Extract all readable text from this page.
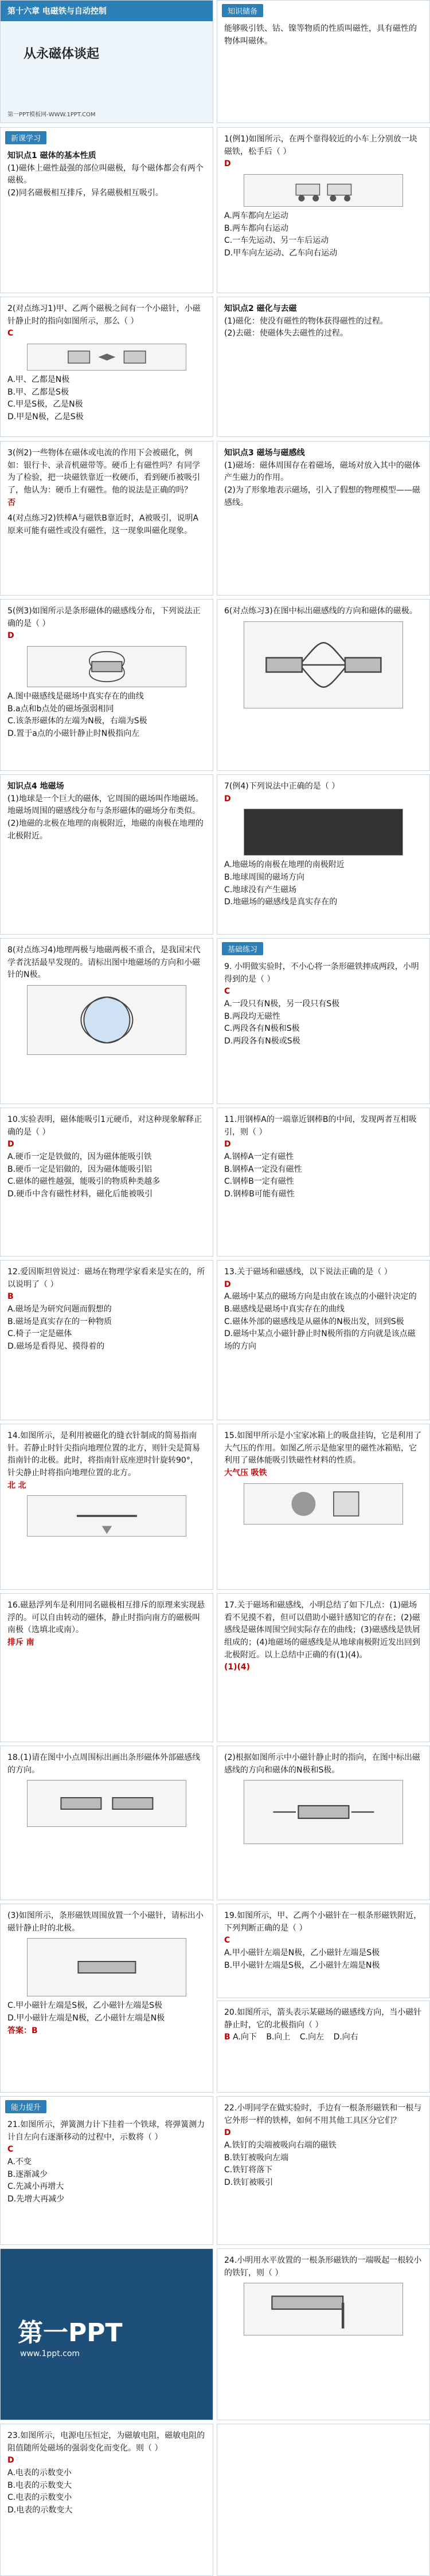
第十六章 电磁铁与自动控制
从永磁体谈起
第一PPT模板网-WWW.1PPT.COM
知识储备
能够吸引铁、钴、镍等物质的性质叫磁性，具有磁性的物体叫磁体。
新课学习
知识点1 磁体的基本性质
(1)磁体上磁性最强的部位叫磁极，每个磁体都会有两个磁极。
(2)同名磁极相互排斥，异名磁极相互吸引。
1(例1)如图所示，在两个靠得较近的小车上分别放一块磁铁，松手后（ ）
D
A.两车都向左运动
B.两车都向右运动
C.一车先运动、另一车后运动
D.甲车向左运动、乙车向右运动
2(对点练习1)甲、乙两个磁极之间有一个小磁针，小磁针静止时的指向如图所示，那么（ ）
C
A.甲、乙都是N极
B.甲、乙都是S极
C.甲是S极，乙是N极
D.甲是N极，乙是S极
知识点2 磁化与去磁
(1)磁化：使没有磁性的物体获得磁性的过程。
(2)去磁：使磁体失去磁性的过程。
3(例2)一些物体在磁体或电流的作用下会被磁化，例如：银行卡、录音机磁带等。硬币上有磁性吗？有同学为了检验，把一块磁铁靠近一枚硬币，看到硬币被吸引了，他认为：硬币上有磁性。他的说法是正确的吗？
否
4(对点练习2)铁棒A与磁铁B靠近时，A被吸引，说明A原来可能有磁性或没有磁性，这一现象叫磁化现象。
知识点3 磁场与磁感线
(1)磁场：磁体周围存在着磁场，磁场对放入其中的磁体产生磁力的作用。
(2)为了形象地表示磁场，引入了假想的物理模型——磁感线。
5(例3)如图所示是条形磁体的磁感线分布，下列说法正确的是（ ）
D
A.图中磁感线是磁场中真实存在的曲线
B.a点和b点处的磁场强弱相同
C.该条形磁体的左端为N极，右端为S极
D.置于a点的小磁针静止时N极指向左
6(对点练习3)在图中标出磁感线的方向和磁体的磁极。
知识点4 地磁场
(1)地球是一个巨大的磁体，它周围的磁场叫作地磁场。地磁场周围的磁感线分布与条形磁体的磁场分布类似。
(2)地磁的北极在地理的南极附近，地磁的南极在地理的北极附近。
7(例4)下列说法中正确的是（ ）
D
A.地磁场的南极在地理的南极附近
B.地球周围的磁场方向
C.地球没有产生磁场
D.地磁场的磁感线是真实存在的
8(对点练习4)地理两极与地磁两极不重合，是我国宋代学者沈括最早发现的。请标出图中地磁场的方向和小磁针的N极。
基础练习
9. 小明做实验时，不小心将一条形磁铁摔成两段，小明得到的是（ ）
C
A.一段只有N极，另一段只有S极
B.两段均无磁性
C.两段各有N极和S极
D.两段各有N极或S极
10.实验表明，磁体能吸引1元硬币，对这种现象解释正确的是（ ）
D
A.硬币一定是铁做的，因为磁体能吸引铁
B.硬币一定是铝做的，因为磁体能吸引铝
C.磁体的磁性越强，能吸引的物质种类越多
D.硬币中含有磁性材料，磁化后能被吸引
11.用钢棒A的一端靠近钢棒B的中间，发现两者互相吸引，则（ ）
D
A.钢棒A一定有磁性
B.钢棒A一定没有磁性
C.钢棒B一定有磁性
D.钢棒B可能有磁性
12.爱因斯坦曾说过：磁场在物理学家看来是实在的，所以说明了（ ）
B
A.磁场是为研究问题而假想的
B.磁场是真实存在的一种物质
C.椅子一定是磁体
D.磁场是看得见、摸得着的
13.关于磁场和磁感线，以下说法正确的是（ ）
D
A.磁场中某点的磁场方向是由放在该点的小磁针决定的
B.磁感线是磁场中真实存在的曲线
C.磁体外部的磁感线是从磁体的N极出发，回到S极
D.磁场中某点小磁针静止时N极所指的方向就是该点磁场的方向
14.如图所示，是利用被磁化的缝衣针制成的简易指南针。若静止时针尖指向地理位置的北方，则针尖是简易指南针的北极。此时，将指南针底座逆时针旋转90°，针尖静止时将指向地理位置的北方。
北 北
15.如图甲所示是小宝家冰箱上的吸盘挂钩，它是利用了大气压的作用。如图乙所示是他家里的磁性冰箱贴，它利用了磁体能吸引铁磁性材料的性质。
大气压 吸铁
16.磁悬浮列车是利用同名磁极相互排斥的原理来实现悬浮的。可以自由转动的磁体，静止时指向南方的磁极叫南极（选填北或南）。
排斥 南
17.关于磁场和磁感线，小明总结了如下几点：(1)磁场看不见摸不着，但可以借助小磁针感知它的存在；(2)磁感线是磁体周围空间实际存在的曲线；(3)磁感线是铁屑组成的；(4)地磁场的磁感线是从地球南极附近发出回到北极附近。以上总结中正确的有(1)(4)。
(1)(4)
18.(1)请在图中小点周围标出画出条形磁体外部磁感线的方向。
(2)根据如图所示中小磁针静止时的指向，在图中标出磁感线的方向和磁体的N极和S极。
(3)如图所示，条形磁铁周围放置一个小磁针，请标出小磁针静止时的北极。
C.甲小磁针左端是S极，乙小磁针左端是S极
D.甲小磁针左端是N极，乙小磁针左端是N极
答案：B
19.如图所示，甲、乙两个小磁针在一根条形磁铁附近，下列判断正确的是（ ）
C
A.甲小磁针左端是N极，乙小磁针左端是S极
B.甲小磁针左端是S极，乙小磁针左端是N极
20.如图所示，箭头表示某磁场的磁感线方向，当小磁针静止时，它的北极指向（ ）
B A.向下 B.向上 C.向左 D.向右
能力提升
21.如图所示，弹簧测力计下挂着一个铁球，将弹簧测力计自左向右逐渐移动的过程中，示数将（ ）
C
A.不变
B.逐渐减少
C.先减小再增大
D.先增大再减少
22.小明同学在做实验时，手边有一根条形磁铁和一根与它外形一样的铁棒，如何不用其他工具区分它们？
D
A.铁钉的尖端被吸向右端的磁铁
B.铁钉被吸向左端
C.铁钉将落下
D.铁钉被吸引
第一PPT
www.1ppt.com
24.小明用水平放置的一根条形磁铁的一端吸起一根较小的铁钉，则（ ）
23.如图所示，电源电压恒定，为磁敏电阻，磁敏电阻的阻值随所处磁场的强弱变化而变化。则（ ）
D
A.电表的示数变小
B.电表的示数变大
C.电表的示数变小
D.电表的示数变大
